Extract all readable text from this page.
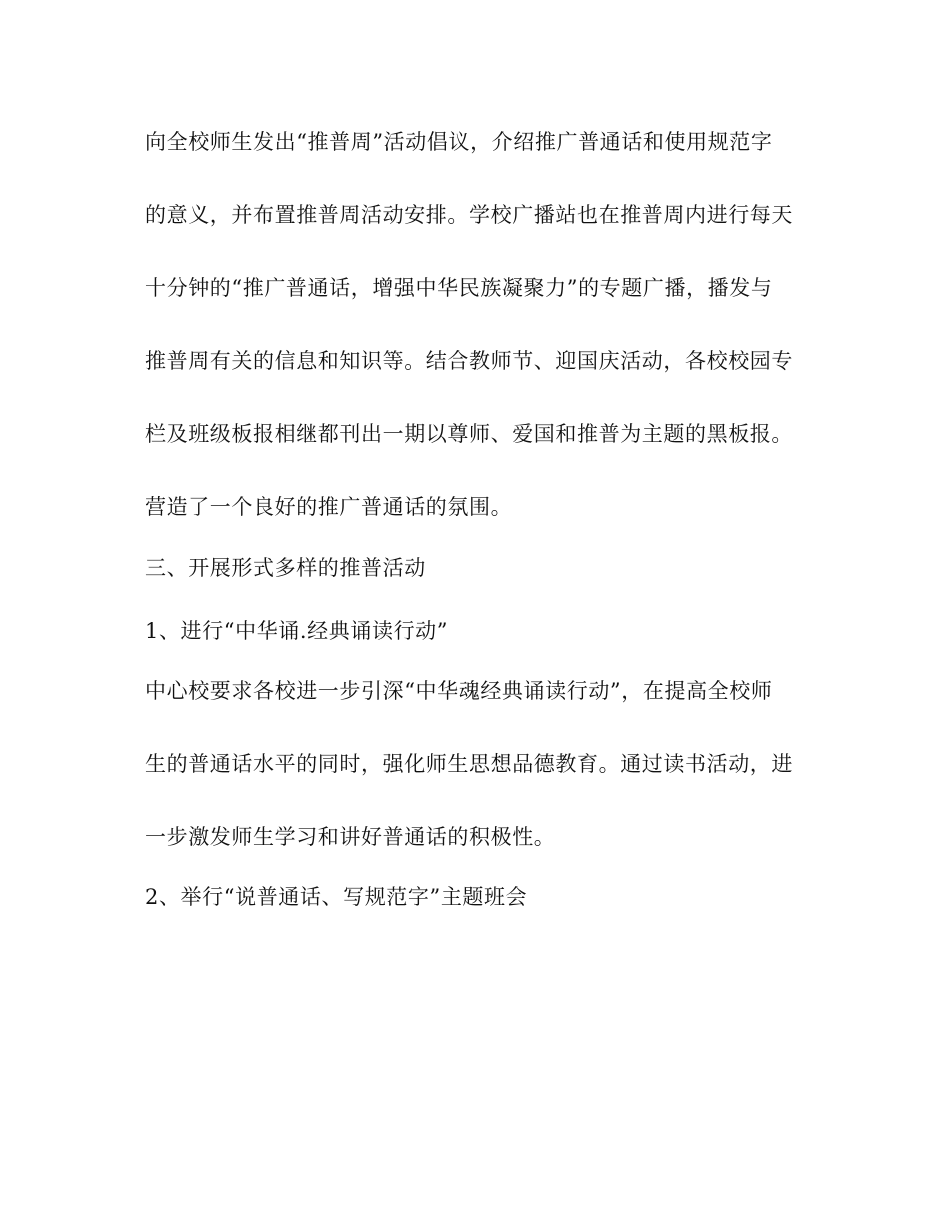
向全校师生发出“推普周”活动倡议，介绍推广普通话和使用规范字

的意义，并布置推普周活动安排。学校广播站也在推普周内进行每天

十分钟的“推广普通话，增强中华民族凝聚力”的专题广播，播发与

推普周有关的信息和知识等。结合教师节、迎国庆活动，各校校园专

栏及班级板报相继都刊出一期以尊师、爱国和推普为主题的黑板报。

营造了一个良好的推广普通话的氛围。

三、开展形式多样的推普活动

1、进行“中华诵.经典诵读行动”

中心校要求各校进一步引深“中华魂经典诵读行动”，在提高全校师

生的普通话水平的同时，强化师生思想品德教育。通过读书活动，进

一步激发师生学习和讲好普通话的积极性。

2、举行“说普通话、写规范字”主题班会
